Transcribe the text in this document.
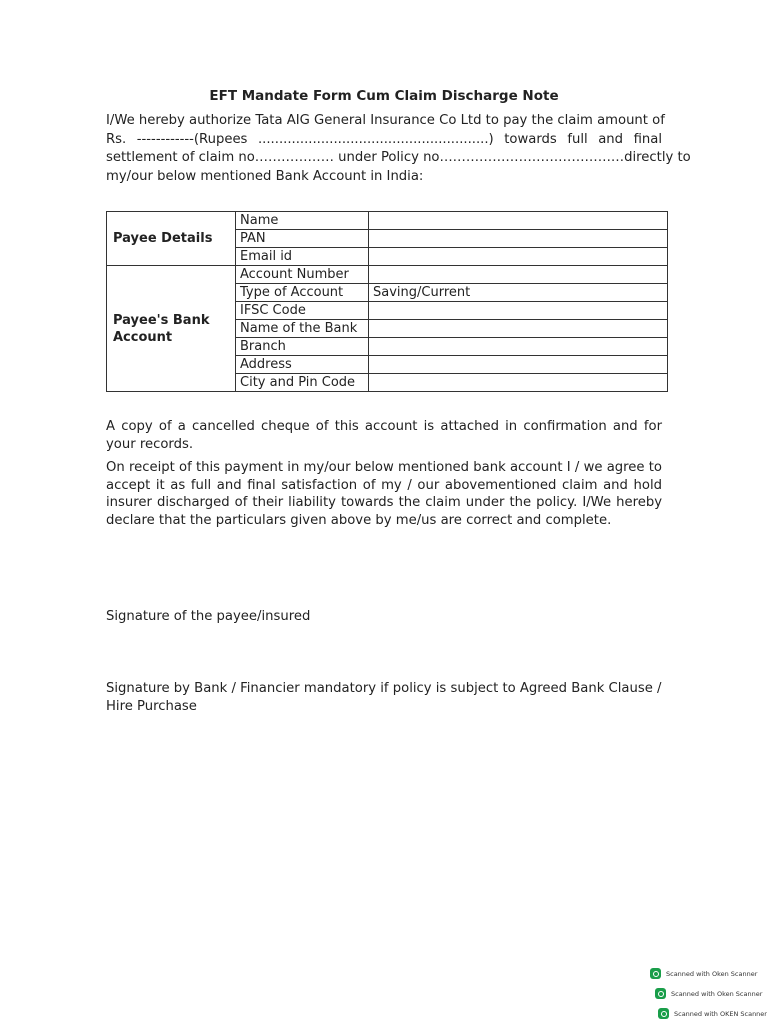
EFT Mandate Form Cum Claim Discharge Note
I/We hereby authorize Tata AIG General Insurance Co Ltd to pay the claim amount of
Rs. ------------(Rupees .......................................................) towards full and final
settlement of claim no……………… under Policy no……………………………………directly to
my/our below mentioned Bank Account in India:
Payee Details	Name	
	PAN	
	Email id	
Payee's Bank Account	Account Number	
	Type of Account	Saving/Current
	IFSC Code	
	Name of the Bank	
	Branch	
	Address	
	City and Pin Code	

A copy of a cancelled cheque of this account is attached in confirmation and for your records.

On receipt of this payment in my/our below mentioned bank account I / we agree to accept it as full and final satisfaction of my / our abovementioned claim and hold insurer discharged of their liability towards the claim under the policy. I/We hereby declare that the particulars given above by me/us are correct and complete.

Signature of the payee/insured
Signature by Bank / Financier mandatory if policy is subject to Agreed Bank Clause / Hire Purchase
Scanned with Oken Scanner
Scanned with Oken Scanner
Scanned with OKEN Scanner
